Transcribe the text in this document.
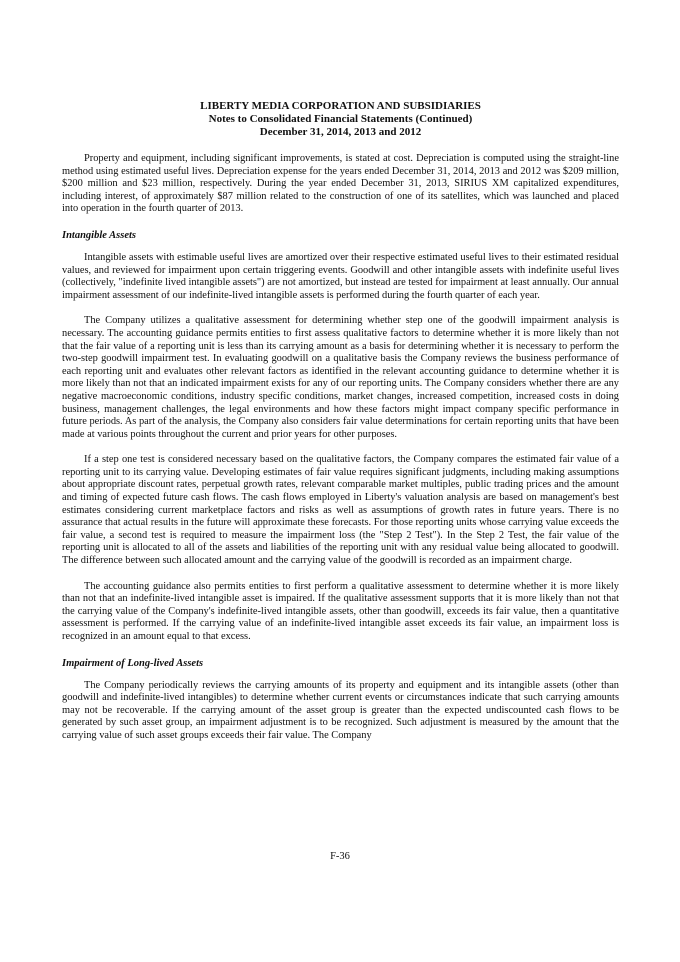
LIBERTY MEDIA CORPORATION AND SUBSIDIARIES
Notes to Consolidated Financial Statements (Continued)
December 31, 2014, 2013 and 2012

Property and equipment, including significant improvements, is stated at cost. Depreciation is computed using the straight-line method using estimated useful lives. Depreciation expense for the years ended December 31, 2014, 2013 and 2012 was $209 million, $200 million and $23 million, respectively. During the year ended December 31, 2013, SIRIUS XM capitalized expenditures, including interest, of approximately $87 million related to the construction of one of its satellites, which was launched and placed into operation in the fourth quarter of 2013.

Intangible Assets

Intangible assets with estimable useful lives are amortized over their respective estimated useful lives to their estimated residual values, and reviewed for impairment upon certain triggering events. Goodwill and other intangible assets with indefinite useful lives (collectively, "indefinite lived intangible assets") are not amortized, but instead are tested for impairment at least annually. Our annual impairment assessment of our indefinite-lived intangible assets is performed during the fourth quarter of each year.

The Company utilizes a qualitative assessment for determining whether step one of the goodwill impairment analysis is necessary. The accounting guidance permits entities to first assess qualitative factors to determine whether it is more likely than not that the fair value of a reporting unit is less than its carrying amount as a basis for determining whether it is necessary to perform the two-step goodwill impairment test. In evaluating goodwill on a qualitative basis the Company reviews the business performance of each reporting unit and evaluates other relevant factors as identified in the relevant accounting guidance to determine whether it is more likely than not that an indicated impairment exists for any of our reporting units. The Company considers whether there are any negative macroeconomic conditions, industry specific conditions, market changes, increased competition, increased costs in doing business, management challenges, the legal environments and how these factors might impact company specific performance in future periods. As part of the analysis, the Company also considers fair value determinations for certain reporting units that have been made at various points throughout the current and prior years for other purposes.

If a step one test is considered necessary based on the qualitative factors, the Company compares the estimated fair value of a reporting unit to its carrying value. Developing estimates of fair value requires significant judgments, including making assumptions about appropriate discount rates, perpetual growth rates, relevant comparable market multiples, public trading prices and the amount and timing of expected future cash flows. The cash flows employed in Liberty's valuation analysis are based on management's best estimates considering current marketplace factors and risks as well as assumptions of growth rates in future years. There is no assurance that actual results in the future will approximate these forecasts. For those reporting units whose carrying value exceeds the fair value, a second test is required to measure the impairment loss (the "Step 2 Test"). In the Step 2 Test, the fair value of the reporting unit is allocated to all of the assets and liabilities of the reporting unit with any residual value being allocated to goodwill. The difference between such allocated amount and the carrying value of the goodwill is recorded as an impairment charge.

The accounting guidance also permits entities to first perform a qualitative assessment to determine whether it is more likely than not that an indefinite-lived intangible asset is impaired. If the qualitative assessment supports that it is more likely than not that the carrying value of the Company's indefinite-lived intangible assets, other than goodwill, exceeds its fair value, then a quantitative assessment is performed. If the carrying value of an indefinite-lived intangible asset exceeds its fair value, an impairment loss is recognized in an amount equal to that excess.

Impairment of Long-lived Assets

The Company periodically reviews the carrying amounts of its property and equipment and its intangible assets (other than goodwill and indefinite-lived intangibles) to determine whether current events or circumstances indicate that such carrying amounts may not be recoverable. If the carrying amount of the asset group is greater than the expected undiscounted cash flows to be generated by such asset group, an impairment adjustment is to be recognized. Such adjustment is measured by the amount that the carrying value of such asset groups exceeds their fair value. The Company

F-36
